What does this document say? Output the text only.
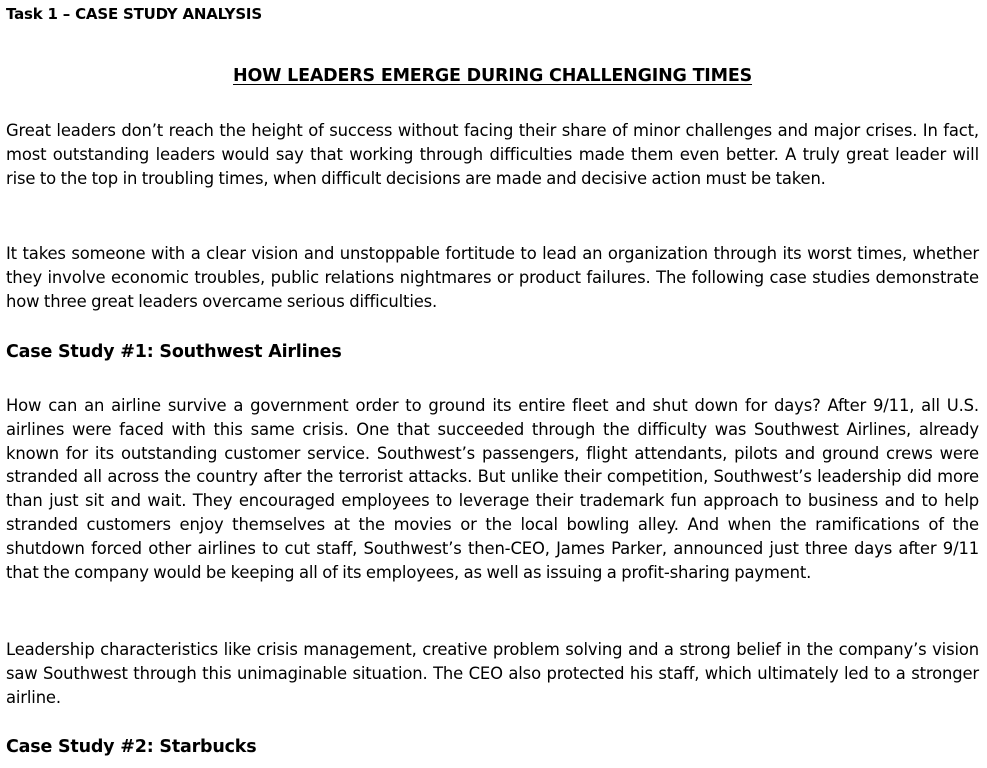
Task 1 – CASE STUDY ANALYSIS
HOW LEADERS EMERGE DURING CHALLENGING TIMES

Great leaders don’t reach the height of success without facing their share of minor challenges and major crises. In fact, most outstanding leaders would say that working through difficulties made them even better. A truly great leader will rise to the top in troubling times, when difficult decisions are made and decisive action must be taken.

It takes someone with a clear vision and unstoppable fortitude to lead an organization through its worst times, whether they involve economic troubles, public relations nightmares or product failures. The following case studies demonstrate how three great leaders overcame serious difficulties.

Case Study #1: Southwest Airlines

How can an airline survive a government order to ground its entire fleet and shut down for days? After 9/11, all U.S. airlines were faced with this same crisis. One that succeeded through the difficulty was Southwest Airlines, already known for its outstanding customer service. Southwest’s passengers, flight attendants, pilots and ground crews were stranded all across the country after the terrorist attacks. But unlike their competition, Southwest’s leadership did more than just sit and wait. They encouraged employees to leverage their trademark fun approach to business and to help stranded customers enjoy themselves at the movies or the local bowling alley. And when the ramifications of the shutdown forced other airlines to cut staff, Southwest’s then-CEO, James Parker, announced just three days after 9/11 that the company would be keeping all of its employees, as well as issuing a profit-sharing payment.

Leadership characteristics like crisis management, creative problem solving and a strong belief in the company’s vision saw Southwest through this unimaginable situation. The CEO also protected his staff, which ultimately led to a stronger airline.

Case Study #2: Starbucks
